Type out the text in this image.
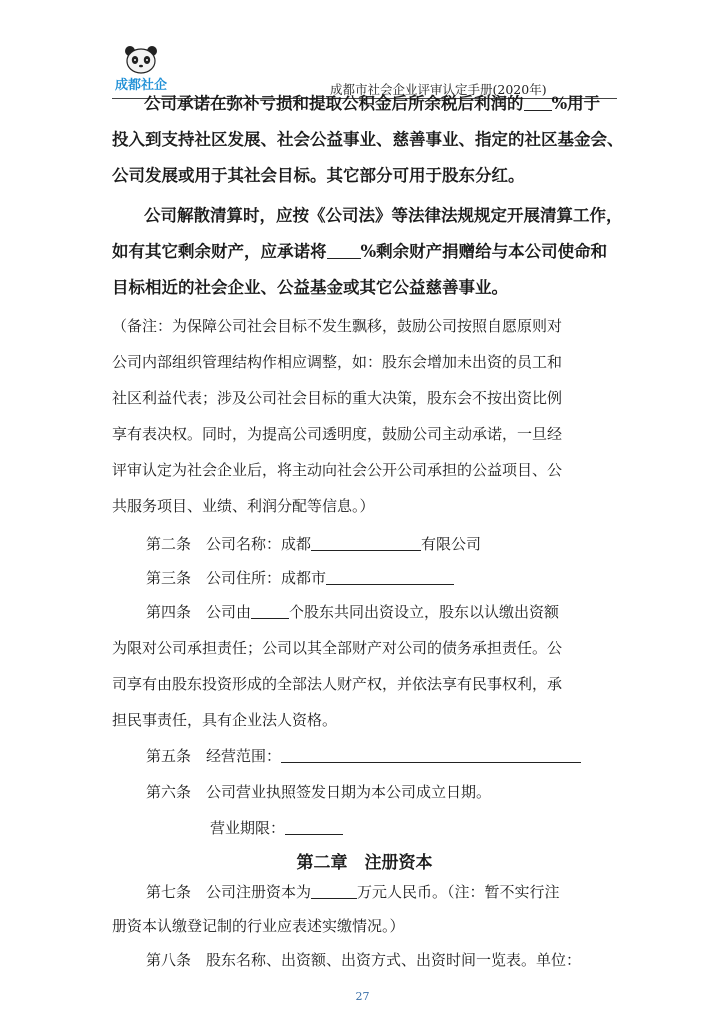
成都社企	成都市社会企业评审认定手册(2020年)
公司承诺在弥补亏损和提取公积金后所余税后利润的 %用于
投入到支持社区发展、社会公益事业、慈善事业、指定的社区基金会、
公司发展或用于其社会目标。其它部分可用于股东分红。
公司解散清算时，应按《公司法》等法律法规规定开展清算工作，
如有其它剩余财产，应承诺将 %剩余财产捐赠给与本公司使命和
目标相近的社会企业、公益基金或其它公益慈善事业。
（备注：为保障公司社会目标不发生飘移，鼓励公司按照自愿原则对
公司内部组织管理结构作相应调整，如：股东会增加未出资的员工和
社区利益代表；涉及公司社会目标的重大决策，股东会不按出资比例
享有表决权。同时，为提高公司透明度，鼓励公司主动承诺，一旦经
评审认定为社会企业后，将主动向社会公开公司承担的公益项目、公
共服务项目、业绩、利润分配等信息。）
第二条　公司名称：成都	有限公司
第三条　公司住所：成都市
第四条　公司由	个股东共同出资设立，股东以认缴出资额
为限对公司承担责任；公司以其全部财产对公司的债务承担责任。公
司享有由股东投资形成的全部法人财产权，并依法享有民事权利，承
担民事责任，具有企业法人资格。
第五条　经营范围：
第六条　公司营业执照签发日期为本公司成立日期。
营业期限：
第二章　注册资本
第七条　公司注册资本为	万元人民币。（注：暂不实行注
册资本认缴登记制的行业应表述实缴情况。）
第八条　股东名称、出资额、出资方式、出资时间一览表。单位：
27
